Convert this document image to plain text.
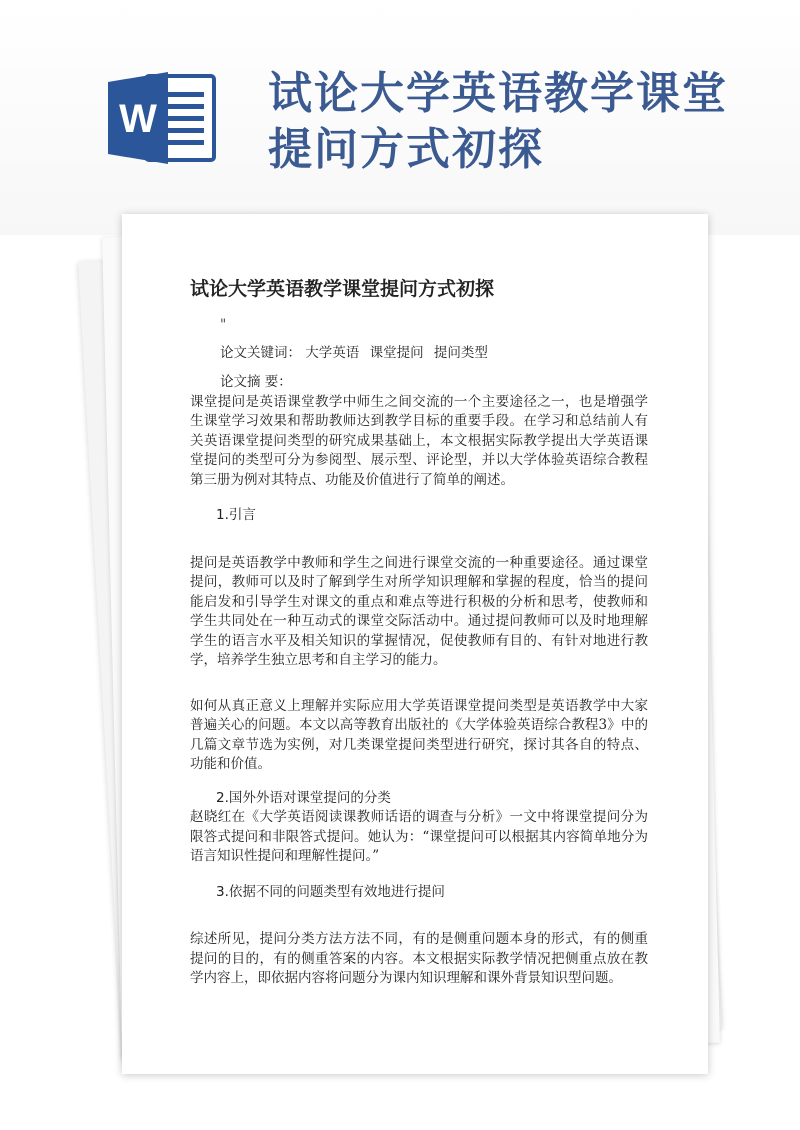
W	试论大学英语教学课堂
提问方式初探
试论大学英语教学课堂提问方式初探
"
论文关键词： 大学英语 课堂提问 提问类型
论文摘 要：

课堂提问是英语课堂教学中师生之间交流的一个主要途径之一，也是增强学生课堂学习效果和帮助教师达到教学目标的重要手段。在学习和总结前人有关英语课堂提问类型的研究成果基础上，本文根据实际教学提出大学英语课堂提问的类型可分为参阅型、展示型、评论型，并以大学体验英语综合教程第三册为例对其特点、功能及价值进行了简单的阐述。

1.引言

提问是英语教学中教师和学生之间进行课堂交流的一种重要途径。通过课堂提问，教师可以及时了解到学生对所学知识理解和掌握的程度，恰当的提问能启发和引导学生对课文的重点和难点等进行积极的分析和思考，使教师和学生共同处在一种互动式的课堂交际活动中。通过提问教师可以及时地理解学生的语言水平及相关知识的掌握情况，促使教师有目的、有针对地进行教学，培养学生独立思考和自主学习的能力。

如何从真正意义上理解并实际应用大学英语课堂提问类型是英语教学中大家普遍关心的问题。本文以高等教育出版社的《大学体验英语综合教程3》中的几篇文章节选为实例，对几类课堂提问类型进行研究，探讨其各自的特点、功能和价值。

2.国外外语对课堂提问的分类

赵晓红在《大学英语阅读课教师话语的调查与分析》一文中将课堂提问分为限答式提问和非限答式提问。她认为：“课堂提问可以根据其内容简单地分为语言知识性提问和理解性提问。”

3.依据不同的问题类型有效地进行提问

综述所见，提问分类方法方法不同，有的是侧重问题本身的形式，有的侧重提问的目的，有的侧重答案的内容。本文根据实际教学情况把侧重点放在教学内容上，即依据内容将问题分为课内知识理解和课外背景知识型问题。
